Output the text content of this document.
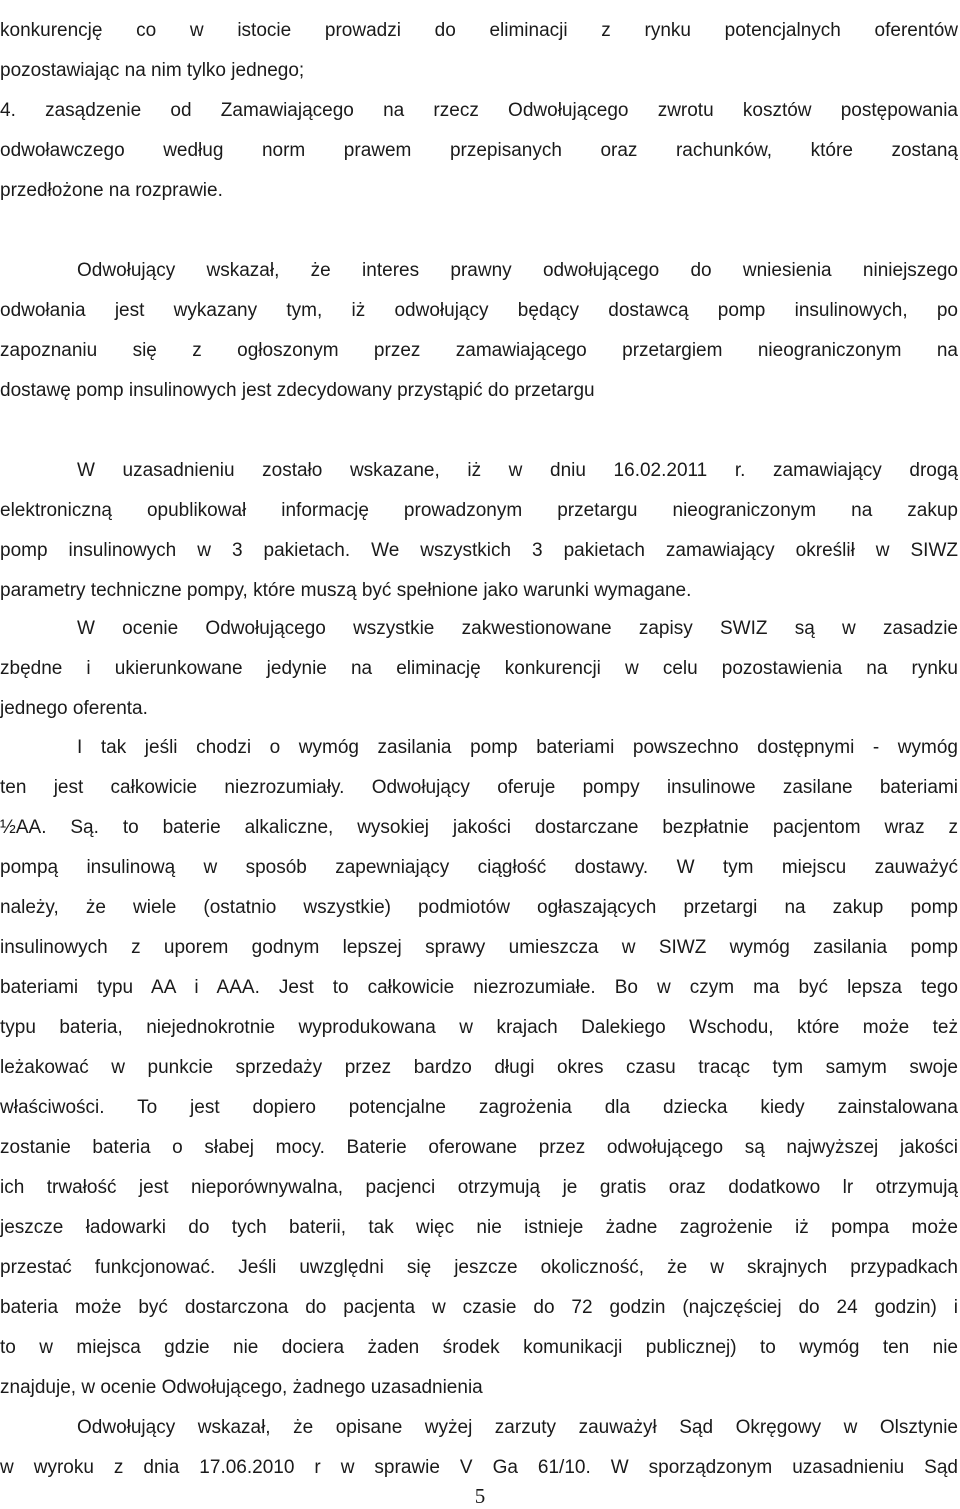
konkurencję co w istocie prowadzi do eliminacji z rynku potencjalnych oferentów

pozostawiając na nim tylko jednego;

4. zasądzenie od Zamawiającego na rzecz Odwołującego zwrotu kosztów postępowania

odwoławczego według norm prawem przepisanych oraz rachunków, które zostaną

przedłożone na rozprawie.

Odwołujący wskazał, że interes prawny odwołującego do wniesienia niniejszego

odwołania jest wykazany tym, iż odwołujący będący dostawcą pomp insulinowych, po

zapoznaniu się z ogłoszonym przez zamawiającego przetargiem nieograniczonym na

dostawę pomp insulinowych jest zdecydowany przystąpić do przetargu

W uzasadnieniu zostało wskazane, iż w dniu 16.02.2011 r. zamawiający drogą

elektroniczną opublikował informację prowadzonym przetargu nieograniczonym na zakup

pomp insulinowych w 3 pakietach. We wszystkich 3 pakietach zamawiający określił w SIWZ

parametry techniczne pompy, które muszą być spełnione jako warunki wymagane.

W ocenie Odwołującego wszystkie zakwestionowane zapisy SWIZ są w zasadzie

zbędne i ukierunkowane jedynie na eliminację konkurencji w celu pozostawienia na rynku

jednego oferenta.

I tak jeśli chodzi o wymóg zasilania pomp bateriami powszechno dostępnymi - wymóg

ten jest całkowicie niezrozumiały. Odwołujący oferuje pompy insulinowe zasilane bateriami

½AA. Są. to baterie alkaliczne, wysokiej jakości dostarczane bezpłatnie pacjentom wraz z

pompą insulinową w sposób zapewniający ciągłość dostawy. W tym miejscu zauważyć

należy, że wiele (ostatnio wszystkie) podmiotów ogłaszających przetargi na zakup pomp

insulinowych z uporem godnym lepszej sprawy umieszcza w SIWZ wymóg zasilania pomp

bateriami typu AA i AAA. Jest to całkowicie niezrozumiałe. Bo w czym ma być lepsza tego

typu bateria, niejednokrotnie wyprodukowana w krajach Dalekiego Wschodu, które może też

leżakować w punkcie sprzedaży przez bardzo długi okres czasu tracąc tym samym swoje

właściwości. To jest dopiero potencjalne zagrożenia dla dziecka kiedy zainstalowana

zostanie bateria o słabej mocy. Baterie oferowane przez odwołującego są najwyższej jakości

ich trwałość jest nieporównywalna, pacjenci otrzymują je gratis oraz dodatkowo lr otrzymują

jeszcze ładowarki do tych baterii, tak więc nie istnieje żadne zagrożenie iż pompa może

przestać funkcjonować. Jeśli uwzględni się jeszcze okoliczność, że w skrajnych przypadkach

bateria może być dostarczona do pacjenta w czasie do 72 godzin (najczęściej do 24 godzin) i

to w miejsca gdzie nie dociera żaden środek komunikacji publicznej) to wymóg ten nie

znajduje, w ocenie Odwołującego, żadnego uzasadnienia

Odwołujący wskazał, że opisane wyżej zarzuty zauważył Sąd Okręgowy w Olsztynie

w wyroku z dnia 17.06.2010 r w sprawie V Ga 61/10. W sporządzonym uzasadnieniu Sąd

5
